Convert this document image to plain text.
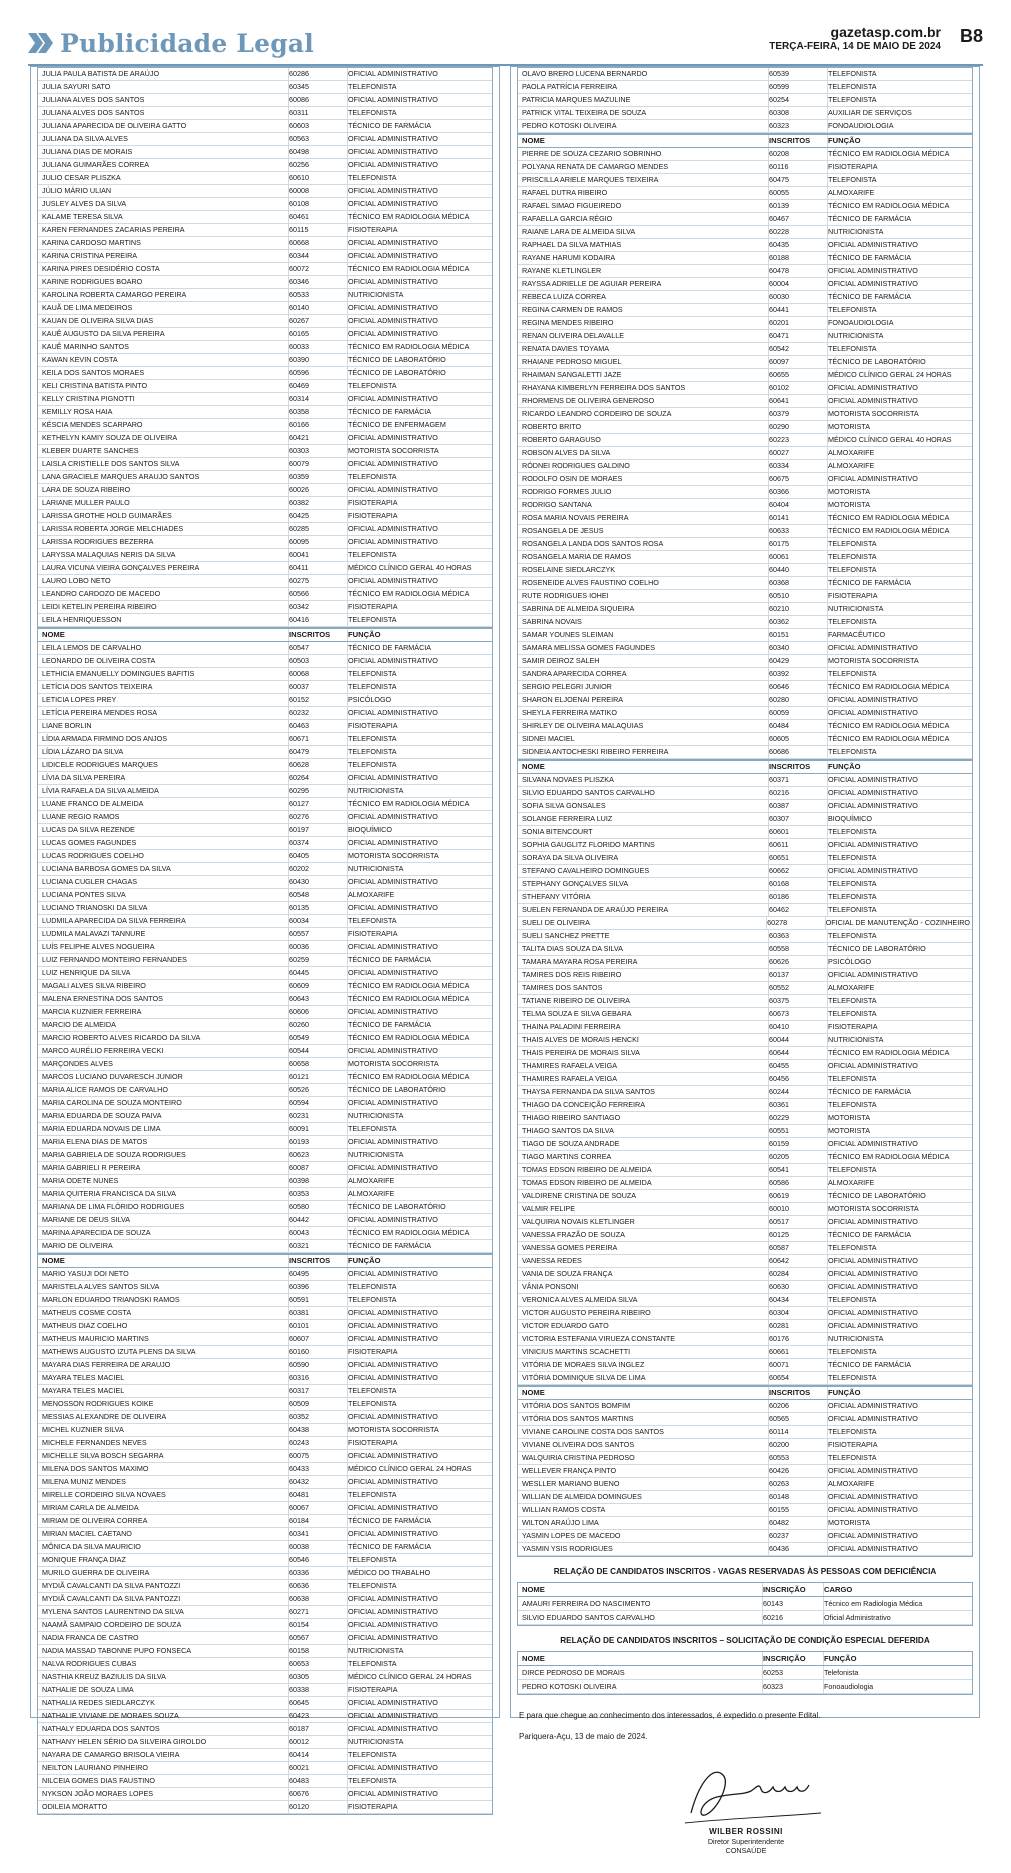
Publicidade Legal	gazetasp.com.br
TERÇA-FEIRA, 14 DE MAIO DE 2024
B8
JULIA PAULA BATISTA DE ARAÚJO	60286	OFICIAL ADMINISTRATIVO
JULIA SAYURI SATO	60345	TELEFONISTA
JULIANA ALVES DOS SANTOS	60086	OFICIAL ADMINISTRATIVO
JULIANA ALVES DOS SANTOS	60311	TELEFONISTA
JULIANA APARECIDA DE OLIVEIRA GATTO	60603	TÉCNICO DE FARMÁCIA
JULIANA DA SILVA ALVES	60563	OFICIAL ADMINISTRATIVO
JULIANA DIAS DE MORAIS	60498	OFICIAL ADMINISTRATIVO
JULIANA GUIMARÃES CORREA	60256	OFICIAL ADMINISTRATIVO
JULIO CESAR PLISZKA	60610	TELEFONISTA
JÚLIO MÁRIO ULIAN	60008	OFICIAL ADMINISTRATIVO
JUSLEY ALVES DA SILVA	60108	OFICIAL ADMINISTRATIVO
KALAME TERESA SILVA	60461	TÉCNICO EM RADIOLOGIA MÉDICA
KAREN FERNANDES ZACARIAS PEREIRA	60115	FISIOTERAPIA
KARINA CARDOSO MARTINS	60668	OFICIAL ADMINISTRATIVO
KARINA CRISTINA PEREIRA	60344	OFICIAL ADMINISTRATIVO
KARINA PIRES DESIDÉRIO COSTA	60072	TÉCNICO EM RADIOLOGIA MÉDICA
KARINE RODRIGUES BOARO	60346	OFICIAL ADMINISTRATIVO
KAROLINA ROBERTA CAMARGO PEREIRA	60533	NUTRICIONISTA
KAUÃ DE LIMA MEDEIROS	60140	OFICIAL ADMINISTRATIVO
KAUAN DE OLIVEIRA SILVA DIAS	60267	OFICIAL ADMINISTRATIVO
KAUÊ AUGUSTO DA SILVA PEREIRA	60165	OFICIAL ADMINISTRATIVO
KAUÊ MARINHO SANTOS	60033	TÉCNICO EM RADIOLOGIA MÉDICA
KAWAN KEVIN COSTA	60390	TÉCNICO DE LABORATÓRIO
KEILA DOS SANTOS MORAES	60596	TÉCNICO DE LABORATÓRIO
KELI CRISTINA BATISTA PINTO	60469	TELEFONISTA
KELLY CRISTINA PIGNOTTI	60314	OFICIAL ADMINISTRATIVO
KEMILLY ROSA HAIA	60358	TÉCNICO DE FARMÁCIA
KÉSCIA MENDES SCARPARO	60166	TÉCNICO DE ENFERMAGEM
KETHELYN KAMIY SOUZA DE OLIVEIRA	60421	OFICIAL ADMINISTRATIVO
KLEBER DUARTE SANCHES	60303	MOTORISTA SOCORRISTA
LAISLA CRISTIELLE DOS SANTOS SILVA	60079	OFICIAL ADMINISTRATIVO
LANA GRACIELE MARQUES ARAUJO SANTOS	60359	TELEFONISTA
LARA DE SOUZA RIBEIRO	60026	OFICIAL ADMINISTRATIVO
LARIANE MULLER PAULO	60382	FISIOTERAPIA
LARISSA GROTHE HOLD GUIMARÃES	60425	FISIOTERAPIA
LARISSA ROBERTA JORGE MELCHIADES	60285	OFICIAL ADMINISTRATIVO
LARISSA RODRIGUES BEZERRA	60095	OFICIAL ADMINISTRATIVO
LARYSSA MALAQUIAS NERIS DA SILVA	60041	TELEFONISTA
LAURA VICUNA VIEIRA GONÇALVES PEREIRA	60411	MÉDICO CLÍNICO GERAL 40 HORAS
LAURO LOBO NETO	60275	OFICIAL ADMINISTRATIVO
LEANDRO CARDOZO DE MACEDO	60566	TÉCNICO EM RADIOLOGIA MÉDICA
LEIDI KETELIN PEREIRA RIBEIRO	60342	FISIOTERAPIA
LEILA HENRIQUESSON	60416	TELEFONISTA
NOME	INSCRITOS	FUNÇÃO
LEILA LEMOS DE CARVALHO	60547	TÉCNICO DE FARMÁCIA
LEONARDO DE OLIVEIRA COSTA	60503	OFICIAL ADMINISTRATIVO
LETHICIA EMANUELLY DOMINGUES BAFITIS	60068	TELEFONISTA
LETÍCIA DOS SANTOS TEIXEIRA	60037	TELEFONISTA
LETICIA LOPES PREY	60152	PSICÓLOGO
LETÍCIA PEREIRA MENDES ROSA	60232	OFICIAL ADMINISTRATIVO
LIANE BORLIN	60463	FISIOTERAPIA
LÍDIA ARMADA FIRMINO DOS ANJOS	60671	TELEFONISTA
LÍDIA LÁZARO DA SILVA	60479	TELEFONISTA
LIDICELE RODRIGUES MARQUES	60628	TELEFONISTA
LÍVIA DA SILVA PEREIRA	60264	OFICIAL ADMINISTRATIVO
LÍVIA RAFAELA DA SILVA ALMEIDA	60295	NUTRICIONISTA
LUANE FRANCO DE ALMEIDA	60127	TÉCNICO EM RADIOLOGIA MÉDICA
LUANE REGIO RAMOS	60276	OFICIAL ADMINISTRATIVO
LUCAS DA SILVA REZENDE	60197	BIOQUÍMICO
LUCAS GOMES FAGUNDES	60374	OFICIAL ADMINISTRATIVO
LUCAS RODRIGUES COELHO	60405	MOTORISTA SOCORRISTA
LUCIANA BARBOSA GOMES DA SILVA	60202	NUTRICIONISTA
LUCIANA CUGLER CHAGAS	60430	OFICIAL ADMINISTRATIVO
LUCIANA PONTES SILVA	60548	ALMOXARIFE
LUCIANO TRIANOSKI DA SILVA	60135	OFICIAL ADMINISTRATIVO
LUDMILA APARECIDA DA SILVA FERREIRA	60034	TELEFONISTA
LUDMILA MALAVAZI TANNURE	60557	FISIOTERAPIA
LUÍS FELIPHE ALVES NOGUEIRA	60036	OFICIAL ADMINISTRATIVO
LUIZ FERNANDO MONTEIRO FERNANDES	60259	TÉCNICO DE FARMÁCIA
LUIZ HENRIQUE DA SILVA	60445	OFICIAL ADMINISTRATIVO
MAGALI ALVES SILVA RIBEIRO	60609	TÉCNICO EM RADIOLOGIA MÉDICA
MALENA ERNESTINA DOS SANTOS	60643	TÉCNICO EM RADIOLOGIA MÉDICA
MARCIA KUZNIER FERREIRA	60606	OFICIAL ADMINISTRATIVO
MARCIO DE ALMEIDA	60260	TÉCNICO DE FARMÁCIA
MARCIO ROBERTO ALVES RICARDO DA SILVA	60549	TÉCNICO EM RADIOLOGIA MÉDICA
MARCO AURÉLIO FERREIRA VECKI	60544	OFICIAL ADMINISTRATIVO
MARÇONDES ALVES	60658	MOTORISTA SOCORRISTA
MARCOS LUCIANO DUVARESCH JUNIOR	60121	TÉCNICO EM RADIOLOGIA MÉDICA
MARIA ALICE RAMOS DE CARVALHO	60526	TÉCNICO DE LABORATÓRIO
MARIA CAROLINA DE SOUZA MONTEIRO	60594	OFICIAL ADMINISTRATIVO
MARIA EDUARDA DE SOUZA PAIVA	60231	NUTRICIONISTA
MARIA EDUARDA NOVAIS DE LIMA	60091	TELEFONISTA
MARIA ELENA DIAS DE MATOS	60193	OFICIAL ADMINISTRATIVO
MARIA GABRIELA DE SOUZA RODRIGUES	60623	NUTRICIONISTA
MARIA GABRIELI R PEREIRA	60087	OFICIAL ADMINISTRATIVO
MARIA ODETE NUNES	60398	ALMOXARIFE
MARIA QUITERIA FRANCISCA DA SILVA	60353	ALMOXARIFE
MARIANA DE LIMA FLÓRIDO RODRIGUES	60580	TÉCNICO DE LABORATÓRIO
MARIANE DE DEUS SILVA	60442	OFICIAL ADMINISTRATIVO
MARINA APARECIDA DE SOUZA	60043	TÉCNICO EM RADIOLOGIA MÉDICA
MARIO DE OLIVEIRA	60321	TÉCNICO DE FARMÁCIA
NOME	INSCRITOS	FUNÇÃO
MARIO YASUJI DOI NETO	60495	OFICIAL ADMINISTRATIVO
MARISTELA ALVES SANTOS SILVA	60396	TELEFONISTA
MARLON EDUARDO TRIANOSKI RAMOS	60591	TELEFONISTA
MATHEUS COSME COSTA	60381	OFICIAL ADMINISTRATIVO
MATHEUS DIAZ COELHO	60101	OFICIAL ADMINISTRATIVO
MATHEUS MAURICIO MARTINS	60607	OFICIAL ADMINISTRATIVO
MATHEWS AUGUSTO IZUTA PLENS DA SILVA	60160	FISIOTERAPIA
MAYARA DIAS FERREIRA DE ARAUJO	60590	OFICIAL ADMINISTRATIVO
MAYARA TELES MACIEL	60316	OFICIAL ADMINISTRATIVO
MAYARA TELES MACIEL	60317	TELEFONISTA
MENOSSON RODRIGUES KOIKE	60509	TELEFONISTA
MESSIAS ALEXANDRE DE OLIVEIRA	60352	OFICIAL ADMINISTRATIVO
MICHEL KUZNIER SILVA	60438	MOTORISTA SOCORRISTA
MICHELE FERNANDES NEVES	60243	FISIOTERAPIA
MICHELLE SILVA BOSCH SEGARRA	60075	OFICIAL ADMINISTRATIVO
MILENA DOS SANTOS MAXIMO	60433	MÉDICO CLÍNICO GERAL 24 HORAS
MILENA MUNIZ MENDES	60432	OFICIAL ADMINISTRATIVO
MIRELLE CORDEIRO SILVA NOVAES	60481	TELEFONISTA
MIRIAM CARLA DE ALMEIDA	60067	OFICIAL ADMINISTRATIVO
MIRIAM DE OLIVEIRA CORREA	60184	TÉCNICO DE FARMÁCIA
MIRIAN MACIEL CAETANO	60341	OFICIAL ADMINISTRATIVO
MÔNICA DA SILVA MAURICIO	60038	TÉCNICO DE FARMÁCIA
MONIQUE FRANÇA DIAZ	60546	TELEFONISTA
MURILO GUERRA DE OLIVEIRA	60336	MÉDICO DO TRABALHO
MYDIÃ CAVALCANTI DA SILVA PANTOZZI	60636	TELEFONISTA
MYDIÃ CAVALCANTI DA SILVA PANTOZZI	60638	OFICIAL ADMINISTRATIVO
MYLENA SANTOS LAURENTINO DA SILVA	60271	OFICIAL ADMINISTRATIVO
NAAMÃ SAMPAIO CORDEIRO DE SOUZA	60154	OFICIAL ADMINISTRATIVO
NADIA FRANCA DE CASTRO	60567	OFICIAL ADMINISTRATIVO
NADIA MASSAD TABONNE PUPO FONSECA	60158	NUTRICIONISTA
NALVA RODRIGUES CUBAS	60653	TELEFONISTA
NASTHIA KREUZ BAZIULIS DA SILVA	60305	MÉDICO CLÍNICO GERAL 24 HORAS
NATHALIE DE SOUZA LIMA	60338	FISIOTERAPIA
NATHALIA REDES SIEDLARCZYK	60645	OFICIAL ADMINISTRATIVO
NATHALIE VIVIANE DE MORAES SOUZA	60423	OFICIAL ADMINISTRATIVO
NATHALY EDUARDA DOS SANTOS	60187	OFICIAL ADMINISTRATIVO
NATHANY HELEN SÉRIO DA SILVEIRA GIROLDO	60012	NUTRICIONISTA
NAYARA DE CAMARGO BRISOLA VIEIRA	60414	TELEFONISTA
NEILTON LAURIANO PINHEIRO	60021	OFICIAL ADMINISTRATIVO
NILCEIA GOMES DIAS FAUSTINO	60483	TELEFONISTA
NYKSON JOÃO MORAES LOPES	60676	OFICIAL ADMINISTRATIVO
ODILEIA MORATTO	60120	FISIOTERAPIA
OLAVO BRERO LUCENA BERNARDO	60539	TELEFONISTA
PAOLA PATRÍCIA FERREIRA	60599	TELEFONISTA
PATRICIA MARQUES MAZULINE	60254	TELEFONISTA
PATRICK VITAL TEIXEIRA DE SOUZA	60308	AUXILIAR DE SERVIÇOS
PEDRO KOTOSKI OLIVEIRA	60323	FONOAUDIOLOGIA
NOME	INSCRITOS	FUNÇÃO
PIERRE DE SOUZA CEZARIO SOBRINHO	60208	TÉCNICO EM RADIOLOGIA MÉDICA
POLYANA RENATA DE CAMARGO MENDES	60116	FISIOTERAPIA
PRISCILLA ARIELE MARQUES TEIXEIRA	60475	TELEFONISTA
RAFAEL DUTRA RIBEIRO	60055	ALMOXARIFE
RAFAEL SIMAO FIGUEIREDO	60139	TÉCNICO EM RADIOLOGIA MÉDICA
RAFAELLA GARCIA RÉGIO	60467	TÉCNICO DE FARMÁCIA
RAIANE LARA DE ALMEIDA SILVA	60228	NUTRICIONISTA
RAPHAEL DA SILVA MATHIAS	60435	OFICIAL ADMINISTRATIVO
RAYANE HARUMI KODAIRA	60188	TÉCNICO DE FARMÁCIA
RAYANE KLETLINGLER	60478	OFICIAL ADMINISTRATIVO
RAYSSA ADRIELLE DE AGUIAR PEREIRA	60004	OFICIAL ADMINISTRATIVO
REBECA LUIZA CORREA	60030	TÉCNICO DE FARMÁCIA
REGINA CARMEN DE RAMOS	60441	TELEFONISTA
REGINA MENDES RIBEIRO	60201	FONOAUDIOLOGIA
RENAN OLIVEIRA DELAVALLE	60471	NUTRICIONISTA
RENATA DAVIES TOYAMA	60542	TELEFONISTA
RHAIANE PEDROSO MIGUEL	60097	TÉCNICO DE LABORATÓRIO
RHAIMAN SANGALETTI JAZE	60655	MÉDICO CLÍNICO GERAL 24 HORAS
RHAYANA KIMBERLYN FERREIRA DOS SANTOS	60102	OFICIAL ADMINISTRATIVO
RHORMENS DE OLIVEIRA GENEROSO	60641	OFICIAL ADMINISTRATIVO
RICARDO LEANDRO CORDEIRO DE SOUZA	60379	MOTORISTA SOCORRISTA
ROBERTO BRITO	60290	MOTORISTA
ROBERTO GARAGUSO	60223	MÉDICO CLÍNICO GERAL 40 HORAS
ROBSON ALVES DA SILVA	60027	ALMOXARIFE
RÓDNEI RODRIGUES GALDINO	60334	ALMOXARIFE
RODOLFO OSIN DE MORAES	60675	OFICIAL ADMINISTRATIVO
RODRIGO FORMES JULIO	60366	MOTORISTA
RODRIGO SANTANA	60404	MOTORISTA
ROSA MARIA NOVAIS PEREIRA	60141	TÉCNICO EM RADIOLOGIA MÉDICA
ROSANGELA DE JESUS	60633	TÉCNICO EM RADIOLOGIA MÉDICA
ROSANGELA LANDA DOS SANTOS ROSA	60175	TELEFONISTA
ROSANGELA MARIA DE RAMOS	60061	TELEFONISTA
ROSELAINE SIEDLARCZYK	60440	TELEFONISTA
ROSENEIDE ALVES FAUSTINO COELHO	60368	TÉCNICO DE FARMÁCIA
RUTE RODRIGUES IOHEI	60510	FISIOTERAPIA
SABRINA DE ALMEIDA SIQUEIRA	60210	NUTRICIONISTA
SABRINA NOVAIS	60362	TELEFONISTA
SAMAR YOUNES SLEIMAN	60151	FARMACÊUTICO
SAMARA MELISSA GOMES FAGUNDES	60340	OFICIAL ADMINISTRATIVO
SAMIR DEIROZ SALEH	60429	MOTORISTA SOCORRISTA
SANDRA APARECIDA CORREA	60392	TELEFONISTA
SERGIO PELEGRI JUNIOR	60646	TÉCNICO EM RADIOLOGIA MÉDICA
SHARON ELJOENAI PEREIRA	60280	OFICIAL ADMINISTRATIVO
SHEYLA FERREIRA MATIKO	60059	OFICIAL ADMINISTRATIVO
SHIRLEY DE OLIVEIRA MALAQUIAS	60484	TÉCNICO EM RADIOLOGIA MÉDICA
SIDNEI MACIEL	60605	TÉCNICO EM RADIOLOGIA MÉDICA
SIDNEIA ANTOCHESKI RIBEIRO FERREIRA	60686	TELEFONISTA
NOME	INSCRITOS	FUNÇÃO
SILVANA NOVAES PLISZKA	60371	OFICIAL ADMINISTRATIVO
SILVIO EDUARDO SANTOS CARVALHO	60216	OFICIAL ADMINISTRATIVO
SOFIA SILVA GONSALES	60387	OFICIAL ADMINISTRATIVO
SOLANGE FERREIRA LUIZ	60307	BIOQUÍMICO
SONIA BITENCOURT	60601	TELEFONISTA
SOPHIA GAUGLITZ FLORIDO MARTINS	60611	OFICIAL ADMINISTRATIVO
SORAYA DA SILVA OLIVEIRA	60651	TELEFONISTA
STEFANO CAVALHEIRO DOMINGUES	60662	OFICIAL ADMINISTRATIVO
STEPHANY GONÇALVES SILVA	60168	TELEFONISTA
STHEFANY VITÓRIA	60186	TELEFONISTA
SUELEN FERNANDA DE ARAÚJO PEREIRA	60462	TELEFONISTA
SUELI DE OLIVEIRA	60278	OFICIAL DE MANUTENÇÃO - COZINHEIRO
SUELI SANCHEZ PRETTE	60363	TELEFONISTA
TALITA DIAS SOUZA DA SILVA	60558	TÉCNICO DE LABORATÓRIO
TAMARA MAYARA ROSA PEREIRA	60626	PSICÓLOGO
TAMIRES DOS REIS RIBEIRO	60137	OFICIAL ADMINISTRATIVO
TAMIRES DOS SANTOS	60552	ALMOXARIFE
TATIANE RIBEIRO DE OLIVEIRA	60375	TELEFONISTA
TELMA SOUZA E SILVA GEBARA	60673	TELEFONISTA
THAINA PALADINI FERREIRA	60410	FISIOTERAPIA
THAIS ALVES DE MORAIS HENCKI	60044	NUTRICIONISTA
THAIS PEREIRA DE MORAIS SILVA	60644	TÉCNICO EM RADIOLOGIA MÉDICA
THAMIRES RAFAELA VEIGA	60455	OFICIAL ADMINISTRATIVO
THAMIRES RAFAELA VEIGA	60456	TELEFONISTA
THAYSA FERNANDA DA SILVA SANTOS	60244	TÉCNICO DE FARMÁCIA
THIAGO DA CONCEIÇÃO FERREIRA	60361	TELEFONISTA
THIAGO RIBEIRO SANTIAGO	60229	MOTORISTA
THIAGO SANTOS DA SILVA	60551	MOTORISTA
TIAGO DE SOUZA ANDRADE	60159	OFICIAL ADMINISTRATIVO
TIAGO MARTINS CORREA	60205	TÉCNICO EM RADIOLOGIA MÉDICA
TOMAS EDSON RIBEIRO DE ALMEIDA	60541	TELEFONISTA
TOMAS EDSON RIBEIRO DE ALMEIDA	60586	ALMOXARIFE
VALDIRENE CRISTINA DE SOUZA	60619	TÉCNICO DE LABORATÓRIO
VALMIR FELIPE	60010	MOTORISTA SOCORRISTA
VALQUIRIA NOVAIS KLETLINGER	60517	OFICIAL ADMINISTRATIVO
VANESSA FRAZÃO DE SOUZA	60125	TÉCNICO DE FARMÁCIA
VANESSA GOMES PEREIRA	60587	TELEFONISTA
VANESSA REDES	60642	OFICIAL ADMINISTRATIVO
VANIA DE SOUZA FRANÇA	60284	OFICIAL ADMINISTRATIVO
VÂNIA PONSONI	60630	OFICIAL ADMINISTRATIVO
VERONICA ALVES ALMEIDA SILVA	60434	TELEFONISTA
VICTOR AUGUSTO PEREIRA RIBEIRO	60304	OFICIAL ADMINISTRATIVO
VICTOR EDUARDO GATO	60281	OFICIAL ADMINISTRATIVO
VICTORIA ESTEFANIA VIRUEZA CONSTANTE	60176	NUTRICIONISTA
VINICIUS MARTINS SCACHETTI	60661	TELEFONISTA
VITÓRIA DE MORAES SILVA INGLEZ	60071	TÉCNICO DE FARMÁCIA
VITÓRIA DOMINIQUE SILVA DE LIMA	60654	TELEFONISTA
NOME	INSCRITOS	FUNÇÃO
VITÓRIA DOS SANTOS BOMFIM	60206	OFICIAL ADMINISTRATIVO
VITÓRIA DOS SANTOS MARTINS	60565	OFICIAL ADMINISTRATIVO
VIVIANE CAROLINE COSTA DOS SANTOS	60114	TELEFONISTA
VIVIANE OLIVEIRA DOS SANTOS	60200	FISIOTERAPIA
WALQUIRIA CRISTINA PEDROSO	60553	TELEFONISTA
WELLEVER FRANÇA PINTO	60426	OFICIAL ADMINISTRATIVO
WESLLER MARIANO BUENO	60263	ALMOXARIFE
WILLIAN DE ALMEIDA DOMINGUES	60148	OFICIAL ADMINISTRATIVO
WILLIAN RAMOS COSTA	60155	OFICIAL ADMINISTRATIVO
WILTON ARAÚJO LIMA	60482	MOTORISTA
YASMIN LOPES DE MACEDO	60237	OFICIAL ADMINISTRATIVO
YASMIN YSIS RODRIGUES	60436	OFICIAL ADMINISTRATIVO
RELAÇÃO DE CANDIDATOS INSCRITOS - VAGAS RESERVADAS ÀS PESSOAS COM DEFICIÊNCIA
NOME	INSCRIÇÃO	CARGO
AMAURI FERREIRA DO NASCIMENTO	60143	Técnico em Radiologia Médica
SILVIO EDUARDO SANTOS CARVALHO	60216	Oficial Administrativo
RELAÇÃO DE CANDIDATOS INSCRITOS – SOLICITAÇÃO DE CONDIÇÃO ESPECIAL DEFERIDA
NOME	INSCRIÇÃO	FUNÇÃO
DIRCE PEDROSO DE MORAIS	60253	Telefonista
PEDRO KOTOSKI OLIVEIRA	60323	Fonoaudiologia

E para que chegue ao conhecimento dos interessados, é expedido o presente Edital.

Pariquera-Açu, 13 de maio de 2024.

WILBER ROSSINI
Diretor Superintendente
CONSAÚDE
